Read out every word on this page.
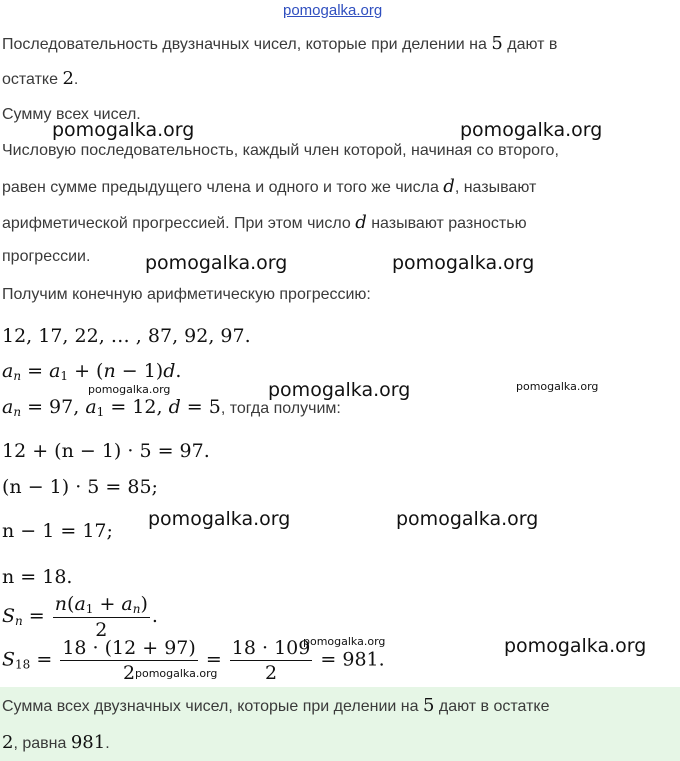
pomogalka.org
Последовательность двузначных чисел, которые при делении на 5 дают в
остатке 2.
Сумму всех чисел.
Числовую последовательность, каждый член которой, начиная со второго,
равен сумме предыдущего члена и одного и того же числа d, называют
арифметической прогрессией. При этом число d называют разностью
прогрессии.
Получим конечную арифметическую прогрессию:
12, 17, 22, … , 87, 92, 97.
$a_n = a_1 + (n - 1)d$.
$a_n = 97$, $a_1 = 12$, d = 5, тогда получим:
12 + (n − 1) · 5 = 97.
(n − 1) · 5 = 85;
n − 1 = 17;
n = 18.
$S_n = \frac{n(a_1 + a_n)}{2}$ .
$S_{18} = \frac{18 \cdot (12 + 97)}{2} = \frac{18 \cdot 109}{2} = 981$.
Сумма всех двузначных чисел, которые при делении на 5 дают в остатке
2, равна 981.
pomogalka.org	pomogalka.org
pomogalka.org	pomogalka.org
pomogalka.org	pomogalka.org	pomogalka.org
pomogalka.org	pomogalka.org
pomogalka.org	pomogalka.org
pomogalka.org
